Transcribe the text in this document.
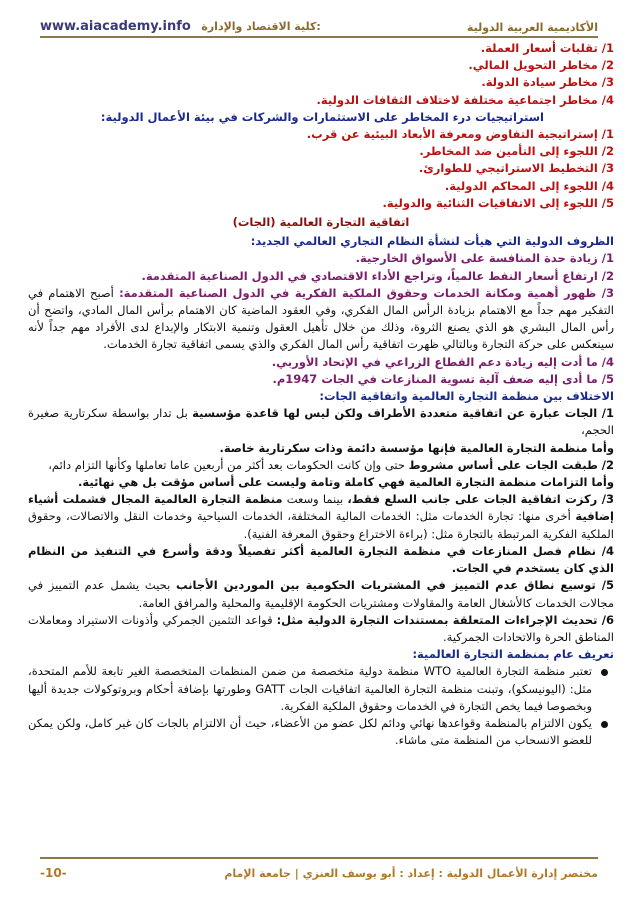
www.aiacademy.info كلية الاقتصاد والإدارة:	الأكاديمية العربية الدولية

1/ تقلبات أسعار العملة.

2/ مخاطر التحويل المالي.

3/ مخاطر سيادة الدولة.

4/ مخاطر اجتماعية مختلفة لاختلاف الثقافات الدولية.

استراتيجيات درء المخاطر على الاستثمارات والشركات في بيئة الأعمال الدولية:

1/ إستراتيجية التفاوض ومعرفة الأبعاد البيئية عن قرب.

2/ اللجوء إلى التأمين ضد المخاطر.

3/ التخطيط الاستراتيجي للطوارئ.

4/ اللجوء إلى المحاكم الدولية.

5/ اللجوء إلى الاتفاقيات الثنائية والدولية.

اتفاقية التجارة العالمية (الجات)

الظروف الدولية التي هيأت لنشأة النظام التجاري العالمي الجديد:

1/ زيادة حدة المنافسة على الأسواق الخارجية.

2/ ارتفاع أسعار النفط عالمياً، وتراجع الأداء الاقتصادي في الدول الصناعية المتقدمة.

3/ ظهور أهمية ومكانة الخدمات وحقوق الملكية الفكرية في الدول الصناعية المتقدمة: أصبح الاهتمام في التفكير مهم جداً مع الاهتمام بزيادة الرأس المال الفكري، وفي العقود الماضية كان الاهتمام برأس المال المادي، واتضح أن رأس المال البشري هو الذي يصنع الثروة، وذلك من خلال تأهيل العقول وتنمية الابتكار والإبداع لدى الأفراد مهم جداً لأنه سينعكس على حركة التجارة وبالتالي ظهرت اتفاقية رأس المال الفكري والذي يسمى اتفاقية تجارة الخدمات.

4/ ما أدت إليه زيادة دعم القطاع الزراعي في الإتحاد الأوربي.

5/ ما أدى إليه ضعف آلية تسوية المنازعات في الجات 1947م.

الاختلاف بين منظمة التجارة العالمية واتفاقية الجات:

1/ الجات عبارة عن اتفاقية متعددة الأطراف ولكن ليس لها قاعدة مؤسسية بل تدار بواسطة سكرتارية صغيرة الحجم،

وأما منظمة التجارة العالمية فإنها مؤسسة دائمة وذات سكرتارية خاصة.

2/ طبقت الجات على أساس مشروط حتى وإن كانت الحكومات بعد أكثر من أربعين عاما تعاملها وكأنها التزام دائم،

وأما التزامات منظمة التجارة العالمية فهي كاملة وتامة وليست على أساس مؤقت بل هي نهائية.

3/ ركزت اتفاقية الجات على جانب السلع فقط، بينما وسعت منظمة التجارة العالمية المجال فشملت أشياء إضافية أخرى منها: تجارة الخدمات مثل: الخدمات المالية المختلفة، الخدمات السياحية وخدمات النقل والاتصالات، وحقوق الملكية الفكرية المرتبطة بالتجارة مثل: (براءة الاختراع وحقوق المعرفة الفنية).

4/ نظام فصل المنازعات في منظمة التجارة العالمية أكثر تفصيلاً ودقة وأسرع في التنفيذ من النظام الذي كان يستخدم في الجات.

5/ توسيع نطاق عدم التمييز في المشتريات الحكومية بين الموردين الأجانب بحيث يشمل عدم التمييز في مجالات الخدمات كالأشغال العامة والمقاولات ومشتريات الحكومة الإقليمية والمحلية والمرافق العامة.

6/ تحديث الإجراءات المتعلقة بمستندات التجارة الدولية مثل: قواعد التثمين الجمركي وأذونات الاستيراد ومعاملات المناطق الحرة والاتحادات الجمركية.

تعريف عام بمنظمة التجارة العالمية:

تعتبر منظمة التجارة العالمية WTO منظمة دولية متخصصة من ضمن المنظمات المتخصصة الغير تابعة للأمم المتحدة، مثل: (اليونيسكو)، وتبنت منظمة التجارة العالمية اتفاقيات الجات GATT وطورتها بإضافة أحكام وبروتوكولات جديدة أليها وبخصوصا فيما يخص التجارة في الخدمات وحقوق الملكية الفكرية.

يكون الالتزام بالمنظمة وقواعدها نهائي ودائم لكل عضو من الأعضاء، حيث أن الالتزام بالجات كان غير كامل، ولكن يمكن للعضو الانسحاب من المنظمة متى ماشاء.

مختصر إدارة الأعمال الدولية : إعداد : أبو يوسف العنزي | جامعة الإمام
-10-
